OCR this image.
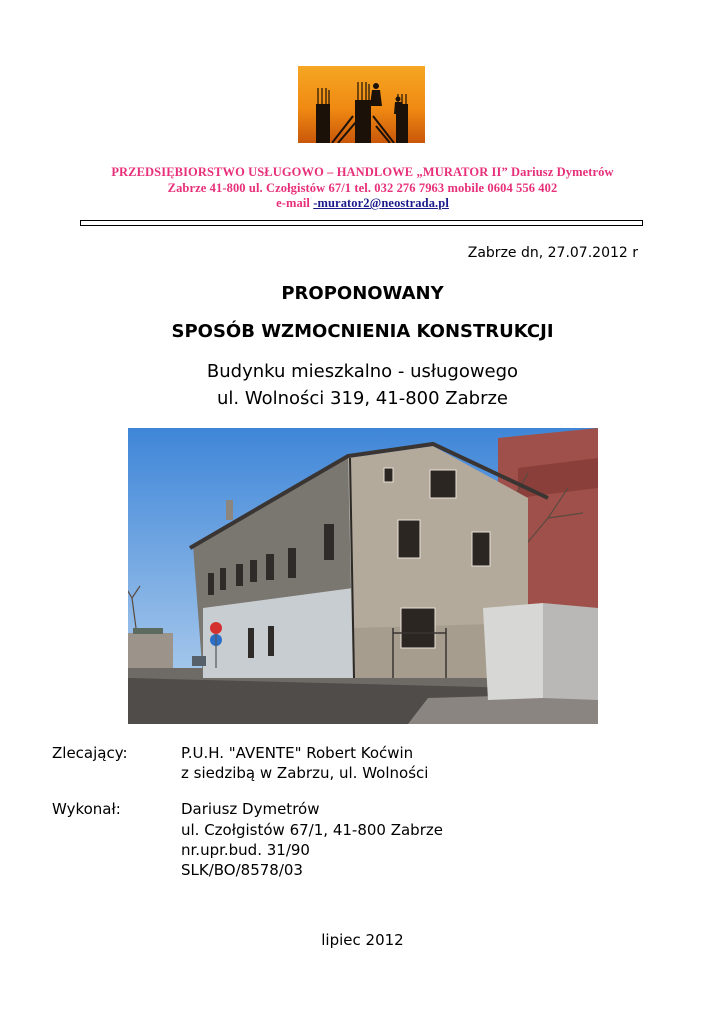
PRZEDSIĘBIORSTWO USŁUGOWO – HANDLOWE „MURATOR II” Dariusz Dymetrów
Zabrze 41-800 ul. Czołgistów 67/1 tel. 032 276 7963 mobile 0604 556 402
e-mail -murator2@neostrada.pl
Zabrze dn, 27.07.2012 r
PROPONOWANY
SPOSÓB WZMOCNIENIA KONSTRUKCJI
Budynku mieszkalno - usługowego
ul. Wolności 319, 41-800 Zabrze
Zlecający:	P.U.H. "AVENTE" Robert Koćwin
z siedzibą w Zabrzu, ul. Wolności
Wykonał:	Dariusz Dymetrów
ul. Czołgistów 67/1, 41-800 Zabrze
nr.upr.bud. 31/90
SLK/BO/8578/03
lipiec 2012
